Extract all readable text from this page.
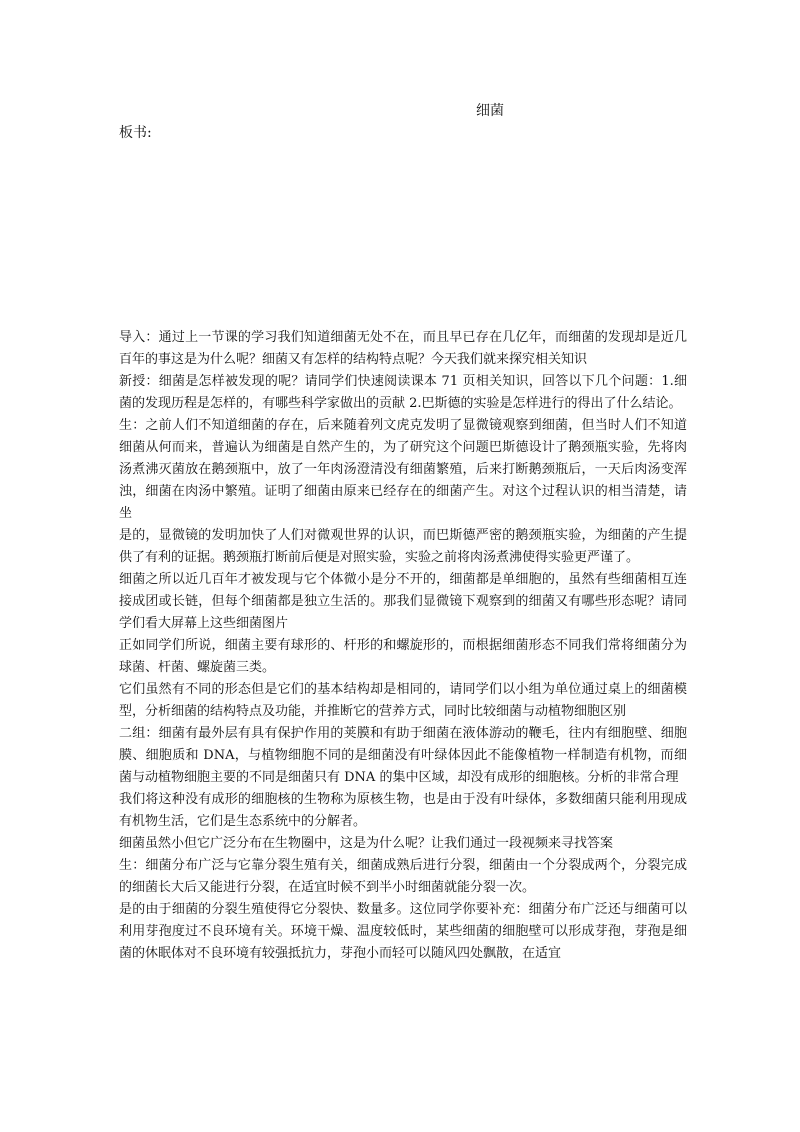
细菌
板书:

导入：通过上一节课的学习我们知道细菌无处不在，而且早已存在几亿年，而细菌的发现却是近几百年的事这是为什么呢？细菌又有怎样的结构特点呢？今天我们就来探究相关知识

新授：细菌是怎样被发现的呢？请同学们快速阅读课本 71 页相关知识，回答以下几个问题：1.细菌的发现历程是怎样的，有哪些科学家做出的贡献 2.巴斯德的实验是怎样进行的得出了什么结论。

生：之前人们不知道细菌的存在，后来随着列文虎克发明了显微镜观察到细菌，但当时人们不知道细菌从何而来，普遍认为细菌是自然产生的，为了研究这个问题巴斯德设计了鹅颈瓶实验，先将肉汤煮沸灭菌放在鹅颈瓶中，放了一年肉汤澄清没有细菌繁殖，后来打断鹅颈瓶后，一天后肉汤变浑浊，细菌在肉汤中繁殖。证明了细菌由原来已经存在的细菌产生。对这个过程认识的相当清楚，请坐

是的，显微镜的发明加快了人们对微观世界的认识，而巴斯德严密的鹅颈瓶实验，为细菌的产生提供了有利的证据。鹅颈瓶打断前后便是对照实验，实验之前将肉汤煮沸使得实验更严谨了。

细菌之所以近几百年才被发现与它个体微小是分不开的，细菌都是单细胞的，虽然有些细菌相互连接成团或长链，但每个细菌都是独立生活的。那我们显微镜下观察到的细菌又有哪些形态呢？请同学们看大屏幕上这些细菌图片

正如同学们所说，细菌主要有球形的、杆形的和螺旋形的，而根据细菌形态不同我们常将细菌分为球菌、杆菌、螺旋菌三类。

它们虽然有不同的形态但是它们的基本结构却是相同的，请同学们以小组为单位通过桌上的细菌模型，分析细菌的结构特点及功能，并推断它的营养方式，同时比较细菌与动植物细胞区别

二组：细菌有最外层有具有保护作用的荚膜和有助于细菌在液体游动的鞭毛，往内有细胞壁、细胞膜、细胞质和 DNA，与植物细胞不同的是细菌没有叶绿体因此不能像植物一样制造有机物，而细菌与动植物细胞主要的不同是细菌只有 DNA 的集中区域，却没有成形的细胞核。分析的非常合理

我们将这种没有成形的细胞核的生物称为原核生物，也是由于没有叶绿体，多数细菌只能利用现成有机物生活，它们是生态系统中的分解者。

细菌虽然小但它广泛分布在生物圈中，这是为什么呢？让我们通过一段视频来寻找答案

生：细菌分布广泛与它靠分裂生殖有关，细菌成熟后进行分裂，细菌由一个分裂成两个，分裂完成的细菌长大后又能进行分裂，在适宜时候不到半小时细菌就能分裂一次。

是的由于细菌的分裂生殖使得它分裂快、数量多。这位同学你要补充：细菌分布广泛还与细菌可以利用芽孢度过不良环境有关。环境干燥、温度较低时，某些细菌的细胞壁可以形成芽孢，芽孢是细菌的休眠体对不良环境有较强抵抗力，芽孢小而轻可以随风四处飘散，在适宜
